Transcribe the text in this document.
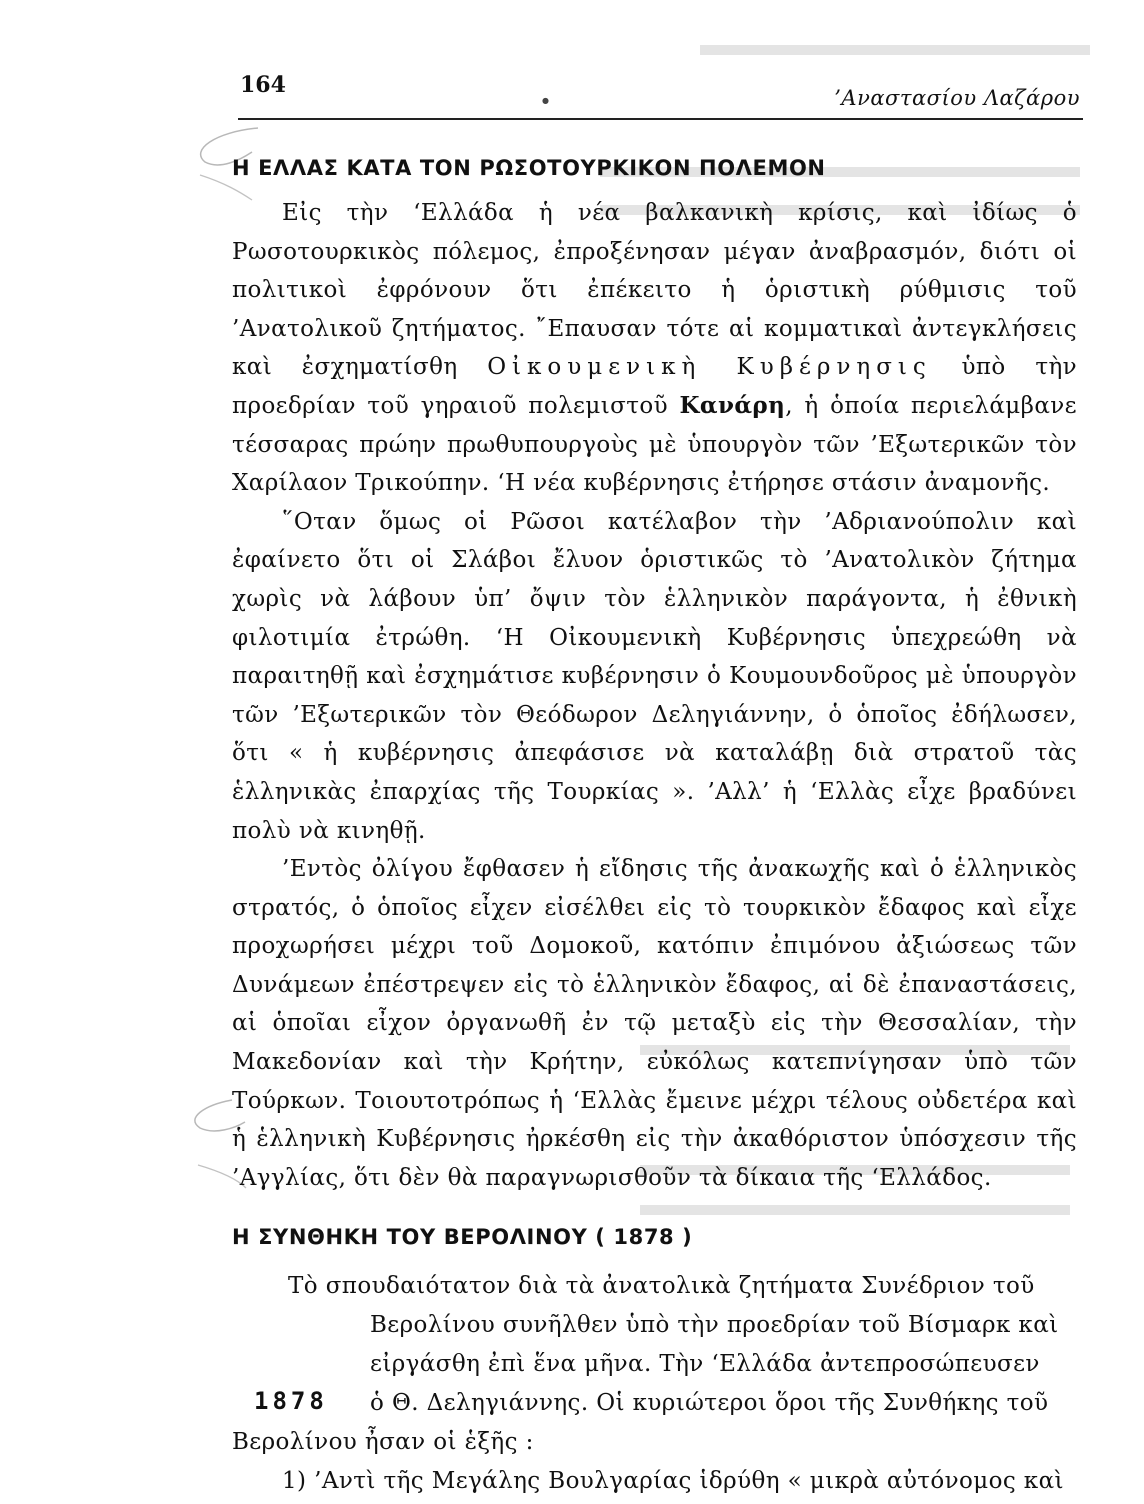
164
●	’Αναστασίου Λαζάρου
Η ΕΛΛΑΣ ΚΑΤΑ ΤΟΝ ΡΩΣΟΤΟΥΡΚΙΚΟΝ ΠΟΛΕΜΟΝ

Εἰς τὴν ‘Ελλάδα ἡ νέα βαλκανικὴ κρίσις, καὶ ἰδίως ὁ Ρωσοτουρκικὸς πόλεμος, ἐπροξένησαν μέγαν ἀναβρασμόν, διότι οἱ πολιτικοὶ ἐφρόνουν ὅτι ἐπέκειτο ἡ ὁριστικὴ ρύθμισις τοῦ ’Ανατολικοῦ ζητήματος. ῎Επαυσαν τότε αἱ κομματικαὶ ἀντεγκλήσεις καὶ ἐσχηματίσθη Οἰκουμενικὴ Κυβέρνησις ὑπὸ τὴν προεδρίαν τοῦ γηραιοῦ πολεμιστοῦ Κανάρη, ἡ ὁποία περιελάμβανε τέσσαρας πρώην πρωθυπουργοὺς μὲ ὑπουργὸν τῶν ’Εξωτερικῶν τὸν Χαρίλαον Τρικούπην. ‘Η νέα κυβέρνησις ἐτήρησε στάσιν ἀναμονῆς.

῞Οταν ὅμως οἱ Ρῶσοι κατέλαβον τὴν ’Αδριανούπολιν καὶ ἐφαίνετο ὅτι οἱ Σλάβοι ἔλυον ὁριστικῶς τὸ ’Ανατολικὸν ζήτημα χωρὶς νὰ λάβουν ὑπ’ ὄψιν τὸν ἑλληνικὸν παράγοντα, ἡ ἐθνικὴ φιλοτιμία ἐτρώθη. ‘Η Οἰκουμενικὴ Κυβέρνησις ὑπεχρεώθη νὰ παραιτηθῇ καὶ ἐσχημάτισε κυβέρνησιν ὁ Κουμουνδοῦρος μὲ ὑπουργὸν τῶν ’Εξωτερικῶν τὸν Θεόδωρον Δεληγιάννην, ὁ ὁποῖος ἐδήλωσεν, ὅτι « ἡ κυβέρνησις ἀπεφάσισε νὰ καταλάβῃ διὰ στρατοῦ τὰς ἑλληνικὰς ἐπαρχίας τῆς Τουρκίας ». ’Αλλ’ ἡ ‘Ελλὰς εἶχε βραδύνει πολὺ νὰ κινηθῇ.

’Εντὸς ὀλίγου ἔφθασεν ἡ εἴδησις τῆς ἀνακωχῆς καὶ ὁ ἑλληνικὸς στρατός, ὁ ὁποῖος εἶχεν εἰσέλθει εἰς τὸ τουρκικὸν ἔδαφος καὶ εἶχε προχωρήσει μέχρι τοῦ Δομοκοῦ, κατόπιν ἐπιμόνου ἀξιώσεως τῶν Δυνάμεων ἐπέστρεψεν εἰς τὸ ἑλληνικὸν ἔδαφος, αἱ δὲ ἐπαναστάσεις, αἱ ὁποῖαι εἶχον ὀργανωθῆ ἐν τῷ μεταξὺ εἰς τὴν Θεσσαλίαν, τὴν Μακεδονίαν καὶ τὴν Κρήτην, εὐκόλως κατεπνίγησαν ὑπὸ τῶν Τούρκων. Τοιουτοτρόπως ἡ ‘Ελλὰς ἔμεινε μέχρι τέλους οὐδετέρα καὶ ἡ ἑλληνικὴ Κυβέρνησις ἠρκέσθη εἰς τὴν ἀκαθόριστον ὑπόσχεσιν τῆς ’Αγγλίας, ὅτι δὲν θὰ παραγνωρισθοῦν τὰ δίκαια τῆς ‘Ελλάδος.

Η ΣΥΝΘΗΚΗ ΤΟΥ ΒΕΡΟΛΙΝΟΥ ( 1878 )
1878

Τὸ σπουδαιότατον διὰ τὰ ἀνατολικὰ ζητήματα Συνέδριον τοῦ

Βερολίνου συνῆλθεν ὑπὸ τὴν προεδρίαν τοῦ Βίσμαρκ καὶ

εἰργάσθη ἐπὶ ἕνα μῆνα. Τὴν ‘Ελλάδα ἀντεπροσώπευσεν

ὁ Θ. Δεληγιάννης. Οἱ κυριώτεροι ὅροι τῆς Συνθήκης τοῦ

Βερολίνου ἦσαν οἱ ἑξῆς :

1) ’Αντὶ τῆς Μεγάλης Βουλγαρίας ἱδρύθη « μικρὰ αὐτόνομος καὶ
